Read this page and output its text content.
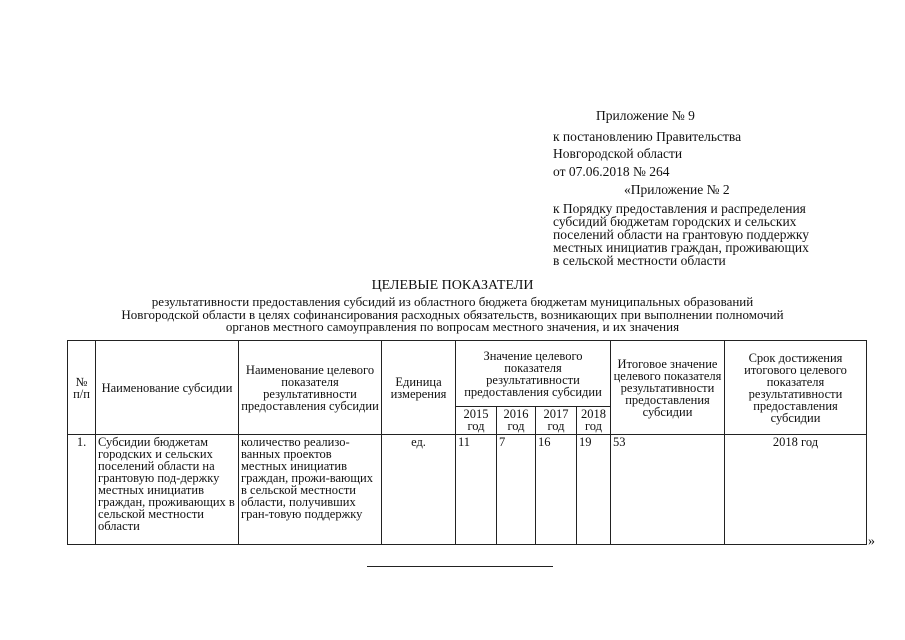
Приложение № 9
к постановлению Правительства
Новгородской области
от 07.06.2018 № 264
«Приложение № 2
к Порядку предоставления и распределения
субсидий бюджетам городских и сельских
поселений области на грантовую поддержку
местных инициатив граждан, проживающих
в сельской местности области
ЦЕЛЕВЫЕ ПОКАЗАТЕЛИ
результативности предоставления субсидий из областного бюджета бюджетам муниципальных образований
Новгородской области в целях софинансирования расходных обязательств, возникающих при выполнении полномочий
органов местного самоуправления по вопросам местного значения, и их значения
№ п/п	Наименование субсидии	Наименование целевого показателя результативности предоставления субсидии	Единица измерения	Значение целевого показателя результативности предоставления субсидии				Итоговое значение целевого показателя результативности предоставления субсидии	Срок достижения итогового целевого показателя результативности предоставления субсидии
				2015 год	2016 год	2017 год	2018 год		
1.	Субсидии бюджетам городских и сельских поселений области на грантовую под-держку местных инициатив граждан, проживающих в сельской местности области	количество реализо-ванных проектов местных инициатив граждан, прожи-вающих в сельской местности области, получивших гран-товую поддержку	ед.	11	7	16	19	53	2018 год
»
